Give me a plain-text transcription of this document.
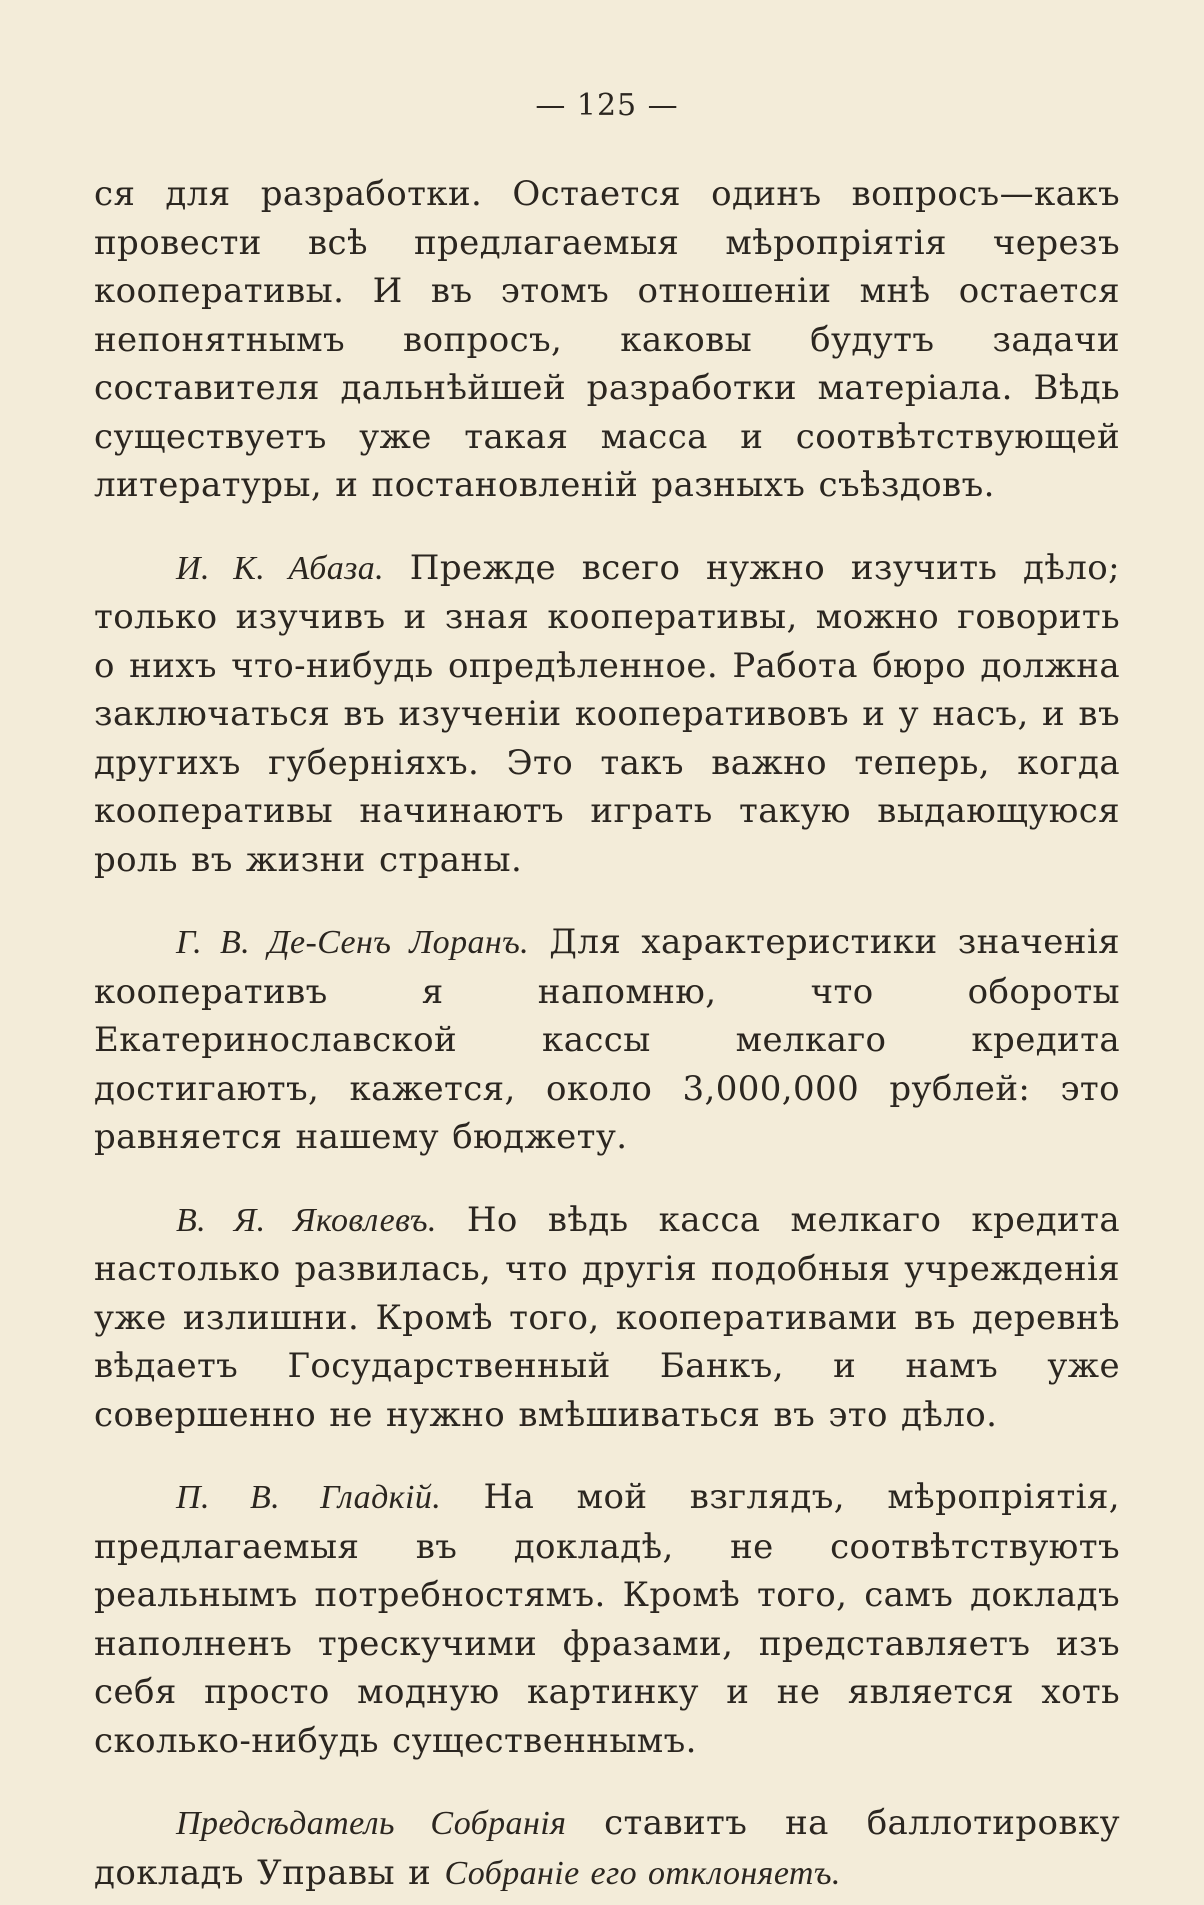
— 125 —

ся для разработки. Остается одинъ вопросъ—какъ провести всѣ предлагаемыя мѣропріятія черезъ кооперативы. И въ этомъ отношеніи мнѣ остается непонятнымъ вопросъ, каковы будутъ задачи составителя дальнѣйшей разработки матеріала. Вѣдь существуетъ уже такая масса и соотвѣтствующей литературы, и постановленій разныхъ съѣздовъ.

И. К. Абаза. Прежде всего нужно изучить дѣло; только изучивъ и зная кооперативы, можно говорить о нихъ что-нибудь опредѣленное. Работа бюро должна заключаться въ изученіи кооперативовъ и у насъ, и въ другихъ губерніяхъ. Это такъ важно теперь, когда кооперативы начинаютъ играть такую выдающуюся роль въ жизни страны.

Г. В. Де-Сенъ Лоранъ. Для характеристики значенія кооперативъ я напомню, что обороты Екатеринославской кассы мелкаго кредита достигаютъ, кажется, около 3,000,000 рублей: это равняется нашему бюджету.

В. Я. Яковлевъ. Но вѣдь касса мелкаго кредита настолько развилась, что другія подобныя учрежденія уже излишни. Кромѣ того, кооперативами въ деревнѣ вѣдаетъ Государственный Банкъ, и намъ уже совершенно не нужно вмѣшиваться въ это дѣло.

П. В. Гладкій. На мой взглядъ, мѣропріятія, предлагаемыя въ докладѣ, не соотвѣтствуютъ реальнымъ потребностямъ. Кромѣ того, самъ докладъ наполненъ трескучими фразами, представляетъ изъ себя просто модную картинку и не является хоть сколько-нибудь существеннымъ.

Предсѣдатель Собранія ставитъ на баллотировку докладъ Управы и Собраніе его отклоняетъ.
